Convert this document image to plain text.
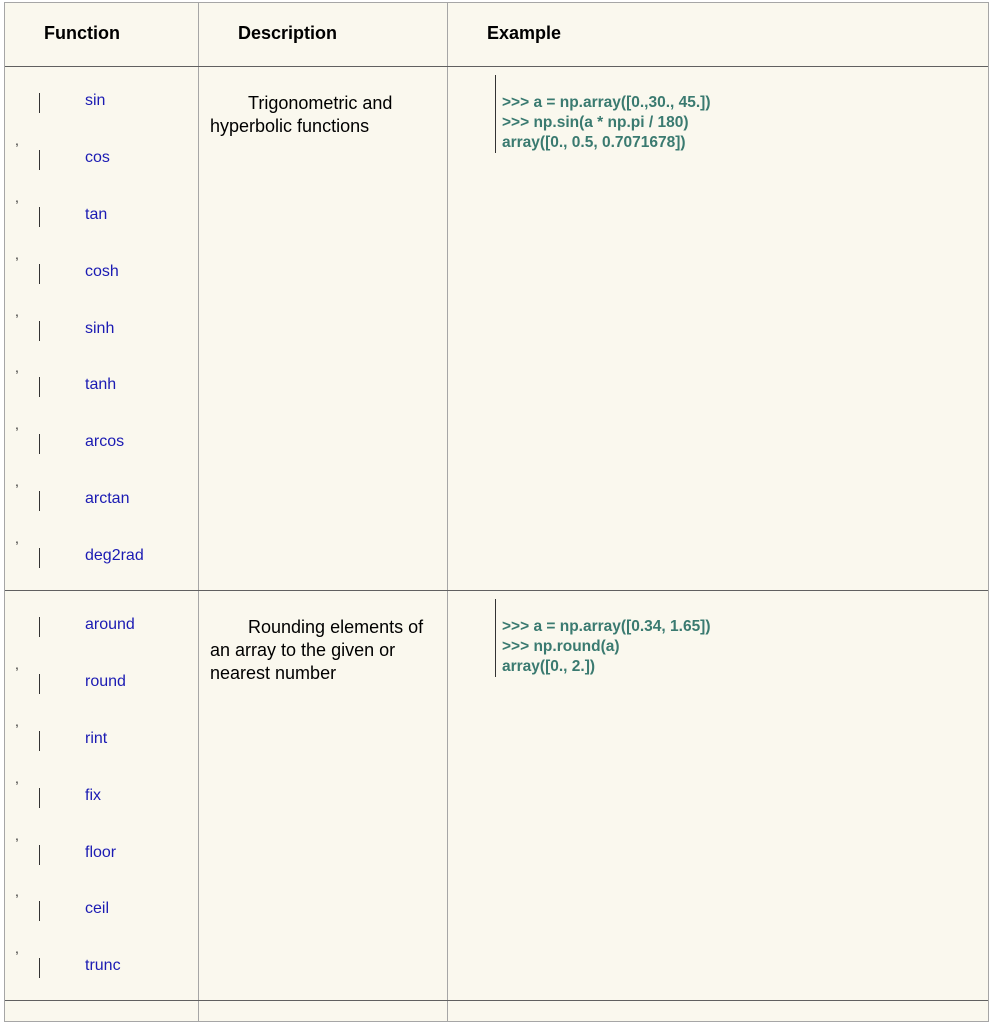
Function	Description	Example
sin
,
cos
,
tan
,
cosh
,
sinh
,
tanh
,
arcos
,
arctan
,
deg2rad
Trigonometric and hyperbolic functions
>>> a = np.array([0.,30., 45.])
>>> np.sin(a * np.pi / 180)
array([0., 0.5, 0.7071678])
around
,
round
,
rint
,
fix
,
floor
,
ceil
,
trunc
Rounding elements of an array to the given or nearest number
>>> a = np.array([0.34, 1.65])
>>> np.round(a)
array([0., 2.])
